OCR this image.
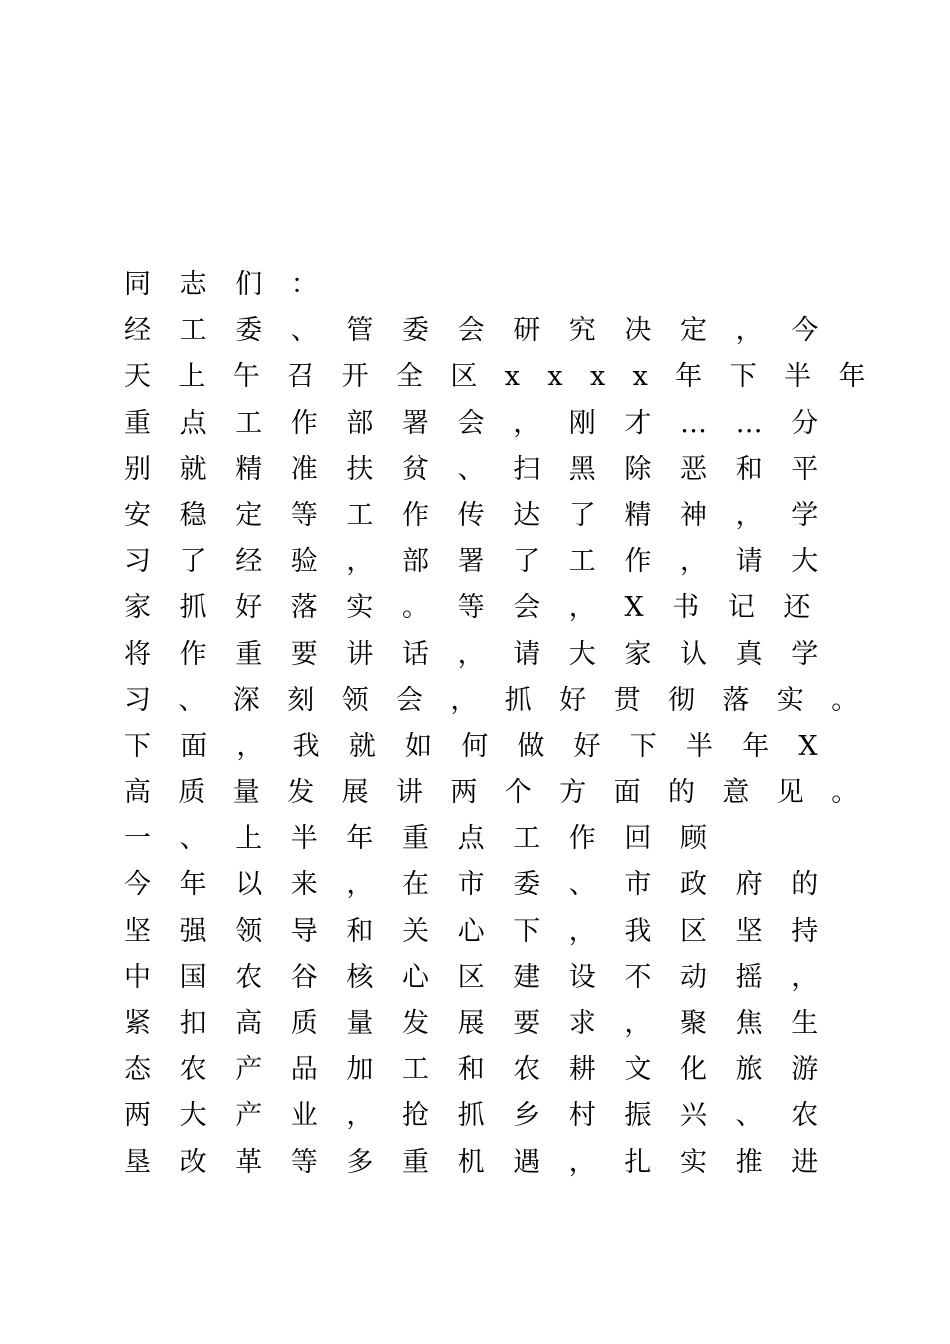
同志们：
经工委、管委会研究决定，今
天上午召开全区xxxx年下半年
重点工作部署会，刚才……分
别就精准扶贫、扫黑除恶和平
安稳定等工作传达了精神，学
习了经验，部署了工作，请大
家抓好落实。等会，X书记还
将作重要讲话，请大家认真学
习、深刻领会，抓好贯彻落实。
下面，我就如何做好下半年X
高质量发展讲两个方面的意见。
一、上半年重点工作回顾
今年以来，在市委、市政府的
坚强领导和关心下，我区坚持
中国农谷核心区建设不动摇，
紧扣高质量发展要求，聚焦生
态农产品加工和农耕文化旅游
两大产业，抢抓乡村振兴、农
垦改革等多重机遇，扎实推进
